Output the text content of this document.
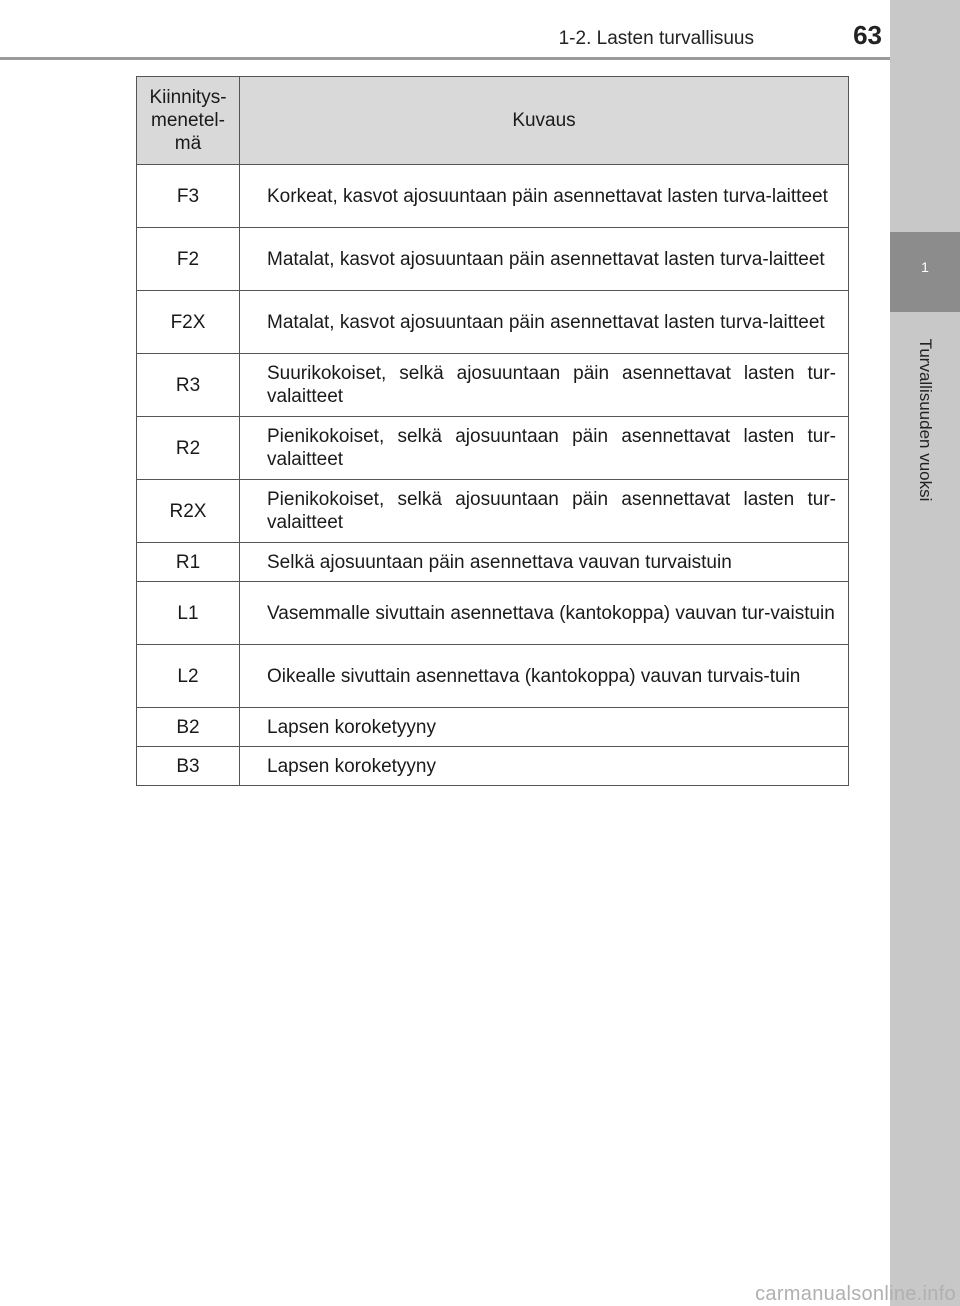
1-2. Lasten turvallisuus	63
1
Turvallisuuden vuoksi
Kiinnitys-menetel-mä	Kuvaus
F3	Korkeat, kasvot ajosuuntaan päin asennettavat lasten turva-laitteet
F2	Matalat, kasvot ajosuuntaan päin asennettavat lasten turva-laitteet
F2X	Matalat, kasvot ajosuuntaan päin asennettavat lasten turva-laitteet
R3	Suurikokoiset, selkä ajosuuntaan päin asennettavat lasten tur-valaitteet
R2	Pienikokoiset, selkä ajosuuntaan päin asennettavat lasten tur-valaitteet
R2X	Pienikokoiset, selkä ajosuuntaan päin asennettavat lasten tur-valaitteet
R1	Selkä ajosuuntaan päin asennettava vauvan turvaistuin
L1	Vasemmalle sivuttain asennettava (kantokoppa) vauvan tur-vaistuin
L2	Oikealle sivuttain asennettava (kantokoppa) vauvan turvais-tuin
B2	Lapsen koroketyyny
B3	Lapsen koroketyyny
carmanualsonline.info
